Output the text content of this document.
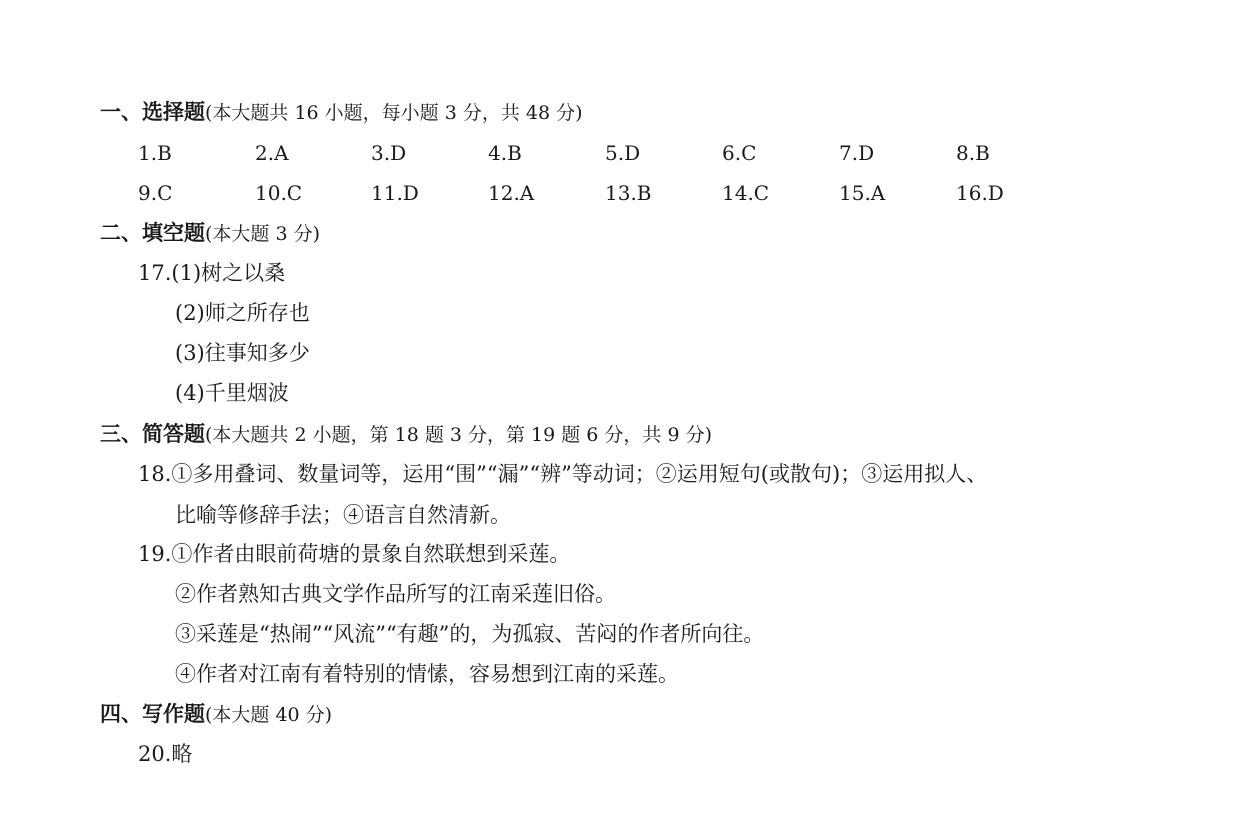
一、选择题(本大题共 16 小题，每小题 3 分，共 48 分)
1.B	2.A	3.D	4.B	5.D	6.C	7.D	8.B
9.C	10.C	11.D	12.A	13.B	14.C	15.A	16.D
二、填空题(本大题 3 分)
17.(1)树之以桑
(2)师之所存也
(3)往事知多少
(4)千里烟波
三、简答题(本大题共 2 小题，第 18 题 3 分，第 19 题 6 分，共 9 分)
18.①多用叠词、数量词等，运用“围”“漏”“辨”等动词；②运用短句(或散句)；③运用拟人、
比喻等修辞手法；④语言自然清新。
19.①作者由眼前荷塘的景象自然联想到采莲。
②作者熟知古典文学作品所写的江南采莲旧俗。
③采莲是“热闹”“风流”“有趣”的，为孤寂、苦闷的作者所向往。
④作者对江南有着特别的情愫，容易想到江南的采莲。
四、写作题(本大题 40 分)
20.略
